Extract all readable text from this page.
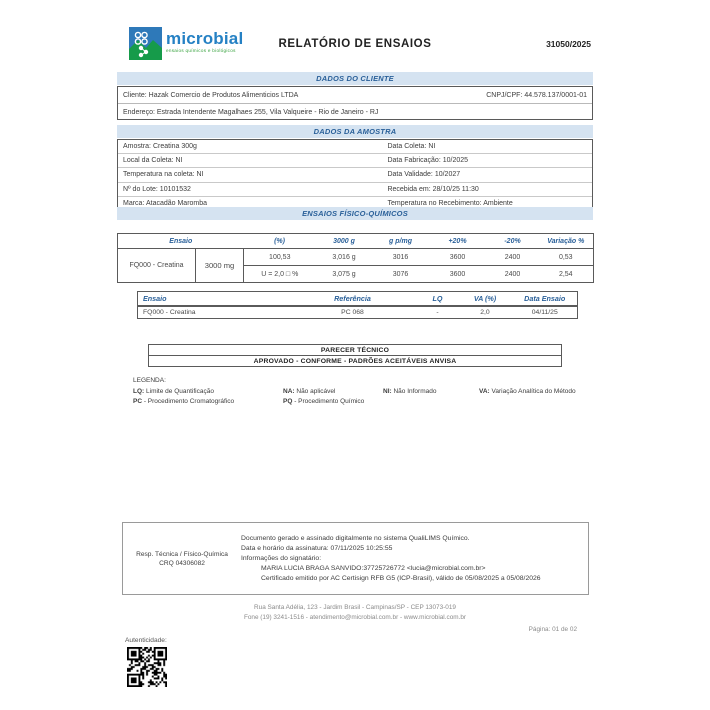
microbial
ensaios químicos e biológicos
RELATÓRIO DE ENSAIOS	31050/2025
DADOS DO CLIENTE
Cliente: Hazak Comercio de Produtos Alimenticios LTDA	CNPJ/CPF: 44.578.137/0001-01
Endereço: Estrada Intendente Magalhaes 255, Vila Valqueire - Rio de Janeiro - RJ
DADOS DA AMOSTRA
Amostra: Creatina 300g	Data Coleta: NI
Local da Coleta: NI	Data Fabricação: 10/2025
Temperatura na coleta: NI	Data Validade: 10/2027
Nº do Lote: 10101532	Recebida em: 28/10/25 11:30
Marca: Atacadão Maromba	Temperatura no Recebimento: Ambiente
ENSAIOS FÍSICO-QUÍMICOS
Ensaio		(%)	3000 g	g p/mg	+20%	-20%	Variação %
FQ000 - Creatina	3000 mg	100,53	3,016 g	3016	3600	2400	0,53
		U = 2,0 □ %	3,075 g	3076	3600	2400	2,54
Ensaio	Referência	LQ	VA (%)	Data Ensaio
FQ000 - Creatina	PC 068	-	2,0	04/11/25
PARECER TÉCNICO
APROVADO - CONFORME - PADRÕES ACEITÁVEIS ANVISA
LEGENDA:
LQ: Limite de Quantificação	NA: Não aplicável	NI: Não Informado	VA: Variação Analítica do Método
PC - Procedimento Cromatográfico	PQ - Procedimento Químico
Resp. Técnica / Físico-Química
CRQ 04306082
Documento gerado e assinado digitalmente no sistema QualiLIMS Químico.
Data e horário da assinatura: 07/11/2025 10:25:55
Informações do signatário:
MARIA LUCIA BRAGA SANVIDO:37725726772 <lucia@microbial.com.br>
Certificado emitido por AC Certisign RFB G5 (ICP-Brasil), válido de 05/08/2025 a 05/08/2026
Rua Santa Adélia, 123 - Jardim Brasil - Campinas/SP - CEP 13073-019
Fone (19) 3241-1516 - atendimento@microbial.com.br - www.microbial.com.br
Página: 01 de 02
Autenticidade:
